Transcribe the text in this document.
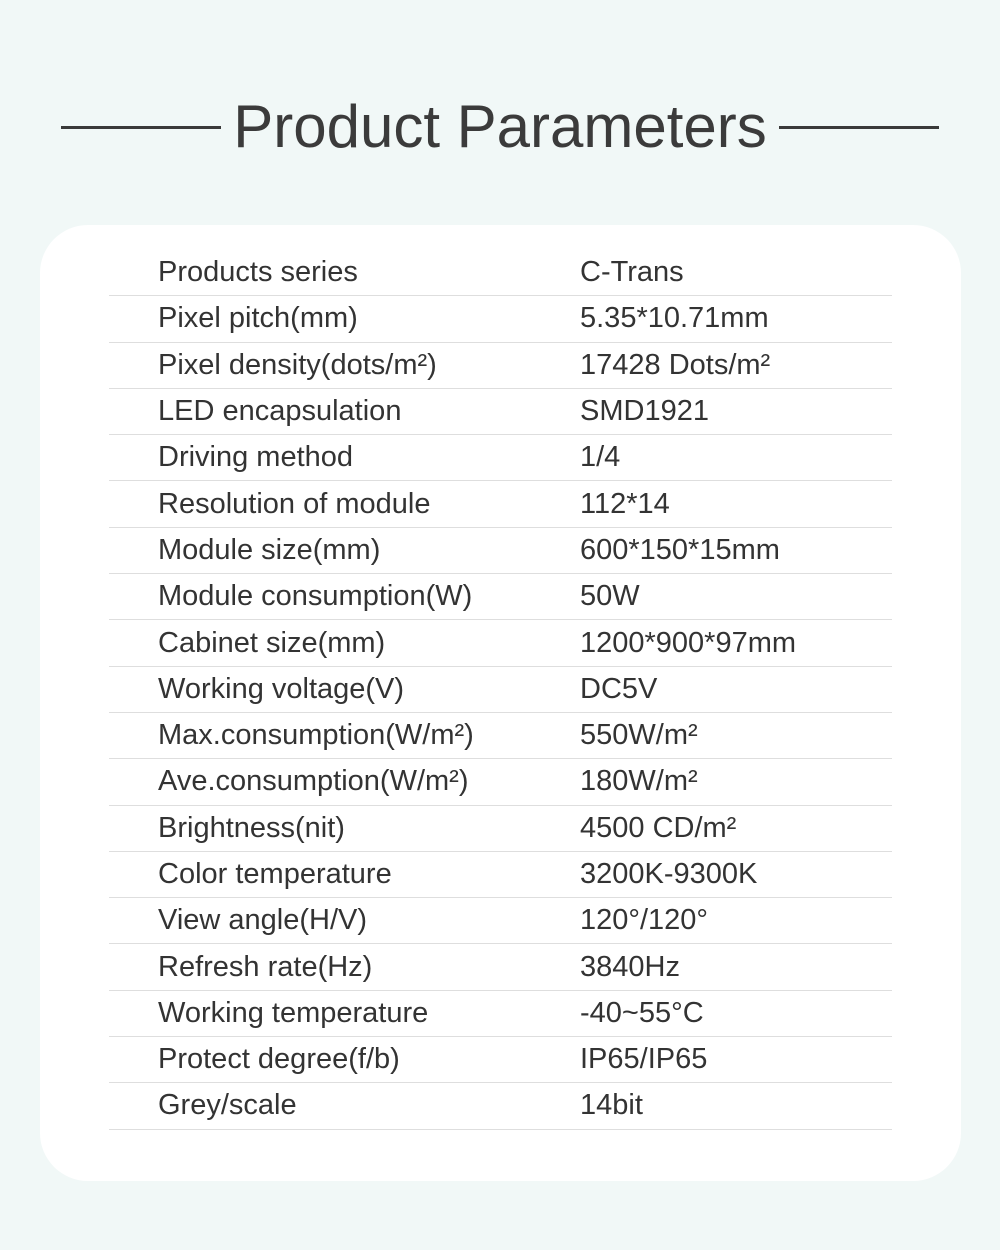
Product Parameters
Products series	C-Trans
Pixel pitch(mm)	5.35*10.71mm
Pixel density(dots/m²)	17428 Dots/m²
LED encapsulation	SMD1921
Driving method	1/4
Resolution of module	112*14
Module size(mm)	600*150*15mm
Module consumption(W)	50W
Cabinet size(mm)	1200*900*97mm
Working voltage(V)	DC5V
Max.consumption(W/m²)	550W/m²
Ave.consumption(W/m²)	180W/m²
Brightness(nit)	4500 CD/m²
Color temperature	3200K-9300K
View angle(H/V)	120°/120°
Refresh rate(Hz)	3840Hz
Working temperature	-40~55°C
Protect degree(f/b)	IP65/IP65
Grey/scale	14bit
